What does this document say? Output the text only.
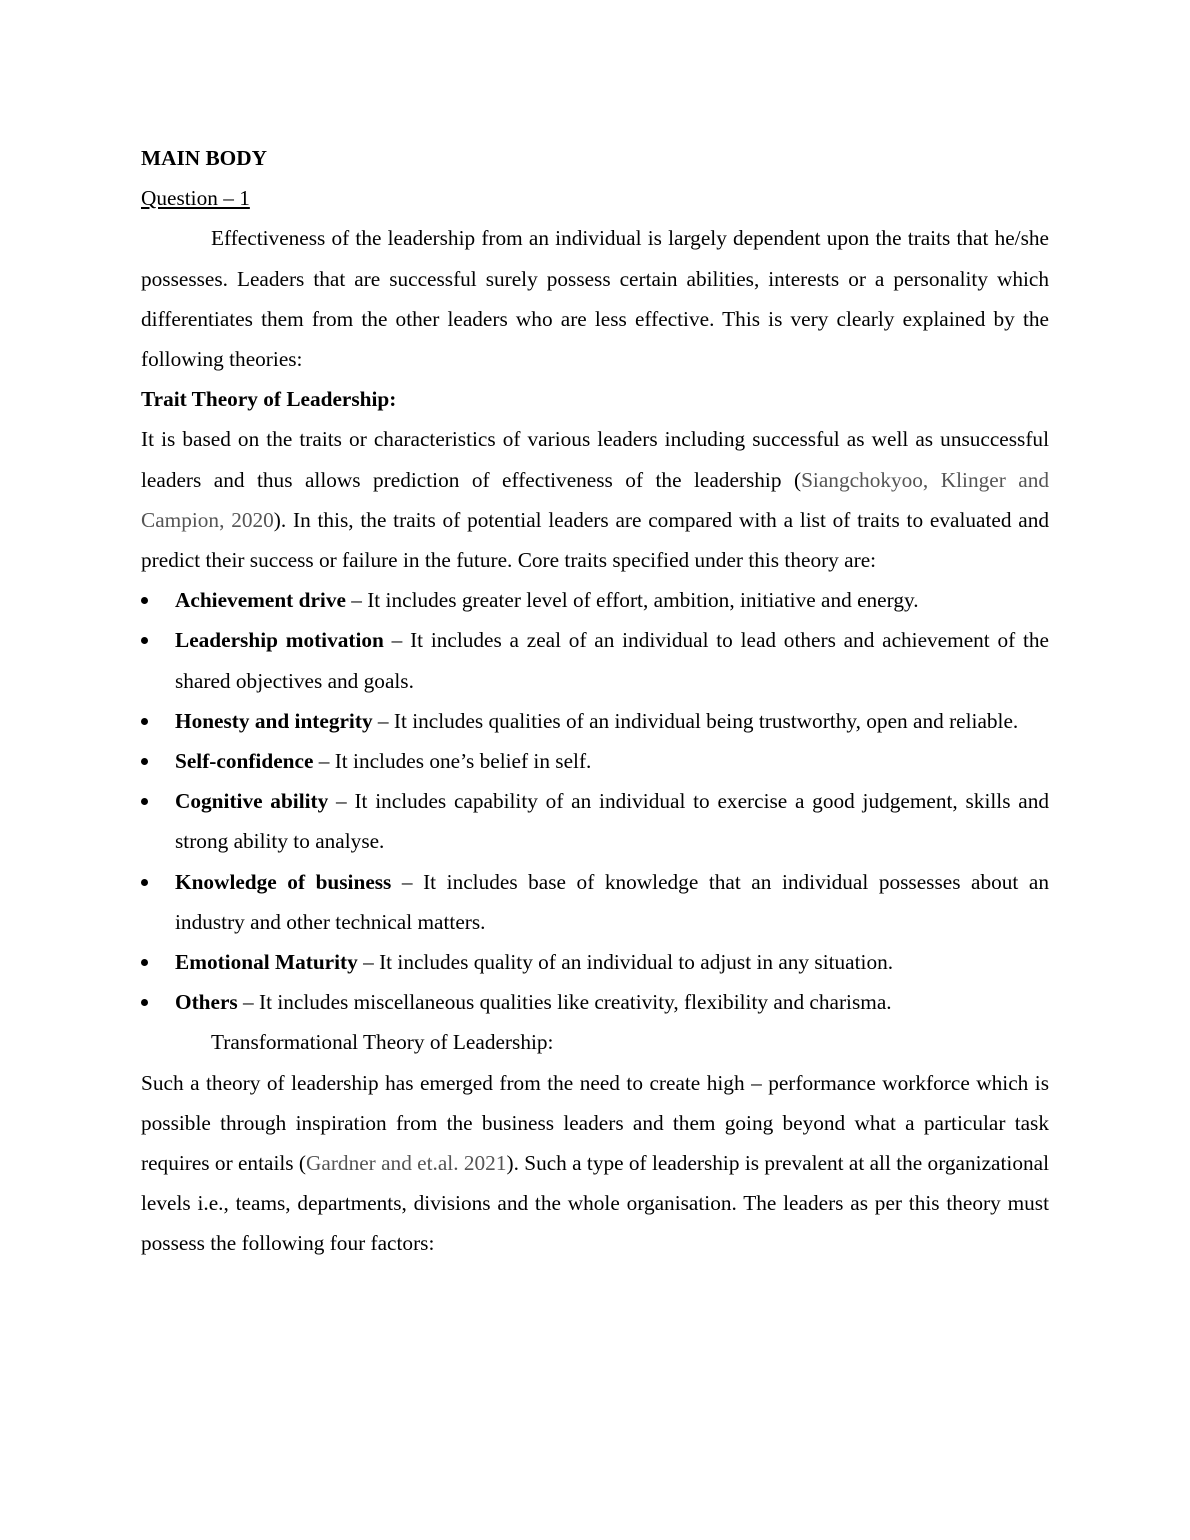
MAIN BODY
Question – 1

Effectiveness of the leadership from an individual is largely dependent upon the traits that he/she possesses. Leaders that are successful surely possess certain abilities, interests or a personality which differentiates them from the other leaders who are less effective. This is very clearly explained by the following theories:

Trait Theory of Leadership:

It is based on the traits or characteristics of various leaders including successful as well as unsuccessful leaders and thus allows prediction of effectiveness of the leadership (Siangchokyoo, Klinger and Campion, 2020). In this, the traits of potential leaders are compared with a list of traits to evaluated and predict their success or failure in the future. Core traits specified under this theory are:

Achievement drive – It includes greater level of effort, ambition, initiative and energy.
Leadership motivation – It includes a zeal of an individual to lead others and achievement of the shared objectives and goals.
Honesty and integrity – It includes qualities of an individual being trustworthy, open and reliable.
Self-confidence – It includes one’s belief in self.
Cognitive ability – It includes capability of an individual to exercise a good judgement, skills and strong ability to analyse.
Knowledge of business – It includes base of knowledge that an individual possesses about an industry and other technical matters.
Emotional Maturity – It includes quality of an individual to adjust in any situation.
Others – It includes miscellaneous qualities like creativity, flexibility and charisma.
Transformational Theory of Leadership:

Such a theory of leadership has emerged from the need to create high – performance workforce which is possible through inspiration from the business leaders and them going beyond what a particular task requires or entails (Gardner and et.al. 2021). Such a type of leadership is prevalent at all the organizational levels i.e., teams, departments, divisions and the whole organisation. The leaders as per this theory must possess the following four factors:
